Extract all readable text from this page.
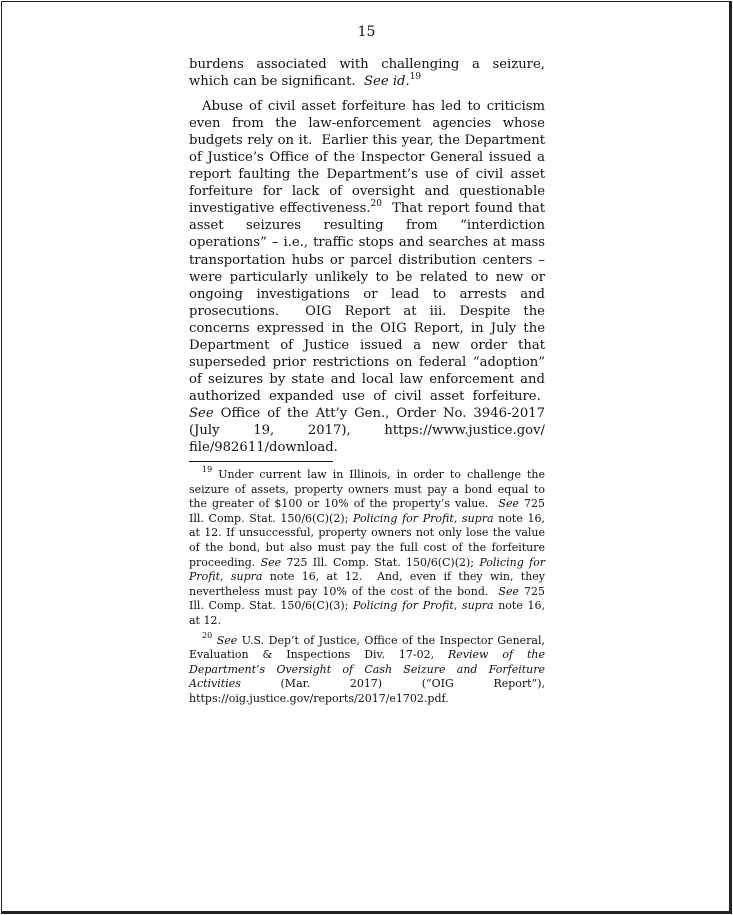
15

burdens associated with challenging a seizure, which can be significant.  See id.$^{19}$

Abuse of civil asset forfeiture has led to criticism even from the law-enforcement agencies whose budgets rely on it.  Earlier this year, the Department of Justice’s Office of the Inspector General issued a report faulting the Department’s use of civil asset forfeiture for lack of oversight and questionable investigative effectiveness.$^{20}$  That report found that asset seizures resulting from “interdiction operations” – i.e., traffic stops and searches at mass transportation hubs or parcel distribution centers – were particularly unlikely to be related to new or ongoing investigations or lead to arrests and prosecutions.  OIG Report at iii. Despite the concerns expressed in the OIG Report, in July the Department of Justice issued a new order that superseded prior restrictions on federal “adoption” of seizures by state and local law enforcement and authorized expanded use of civil asset forfeiture.  See Office of the Att’y Gen., Order No. 3946-2017 (July 19, 2017), https://www.justice.gov/ file/982611/download.

$^{19}$ Under current law in Illinois, in order to challenge the seizure of assets, property owners must pay a bond equal to the greater of $100 or 10% of the property’s value.  See 725 Ill. Comp. Stat. 150/6(C)(2); Policing for Profit, supra note 16, at 12. If unsuccessful, property owners not only lose the value of the bond, but also must pay the full cost of the forfeiture proceeding. See 725 Ill. Comp. Stat. 150/6(C)(2); Policing for Profit, supra note 16, at 12.  And, even if they win, they nevertheless must pay 10% of the cost of the bond.  See 725 Ill. Comp. Stat. 150/6(C)(3); Policing for Profit, supra note 16, at 12.

$^{20}$ See U.S. Dep’t of Justice, Office of the Inspector General, Evaluation & Inspections Div. 17-02, Review of the Department’s Oversight of Cash Seizure and Forfeiture Activities (Mar. 2017) (“OIG Report”), https://oig.justice.gov/reports/2017/e1702.pdf.
